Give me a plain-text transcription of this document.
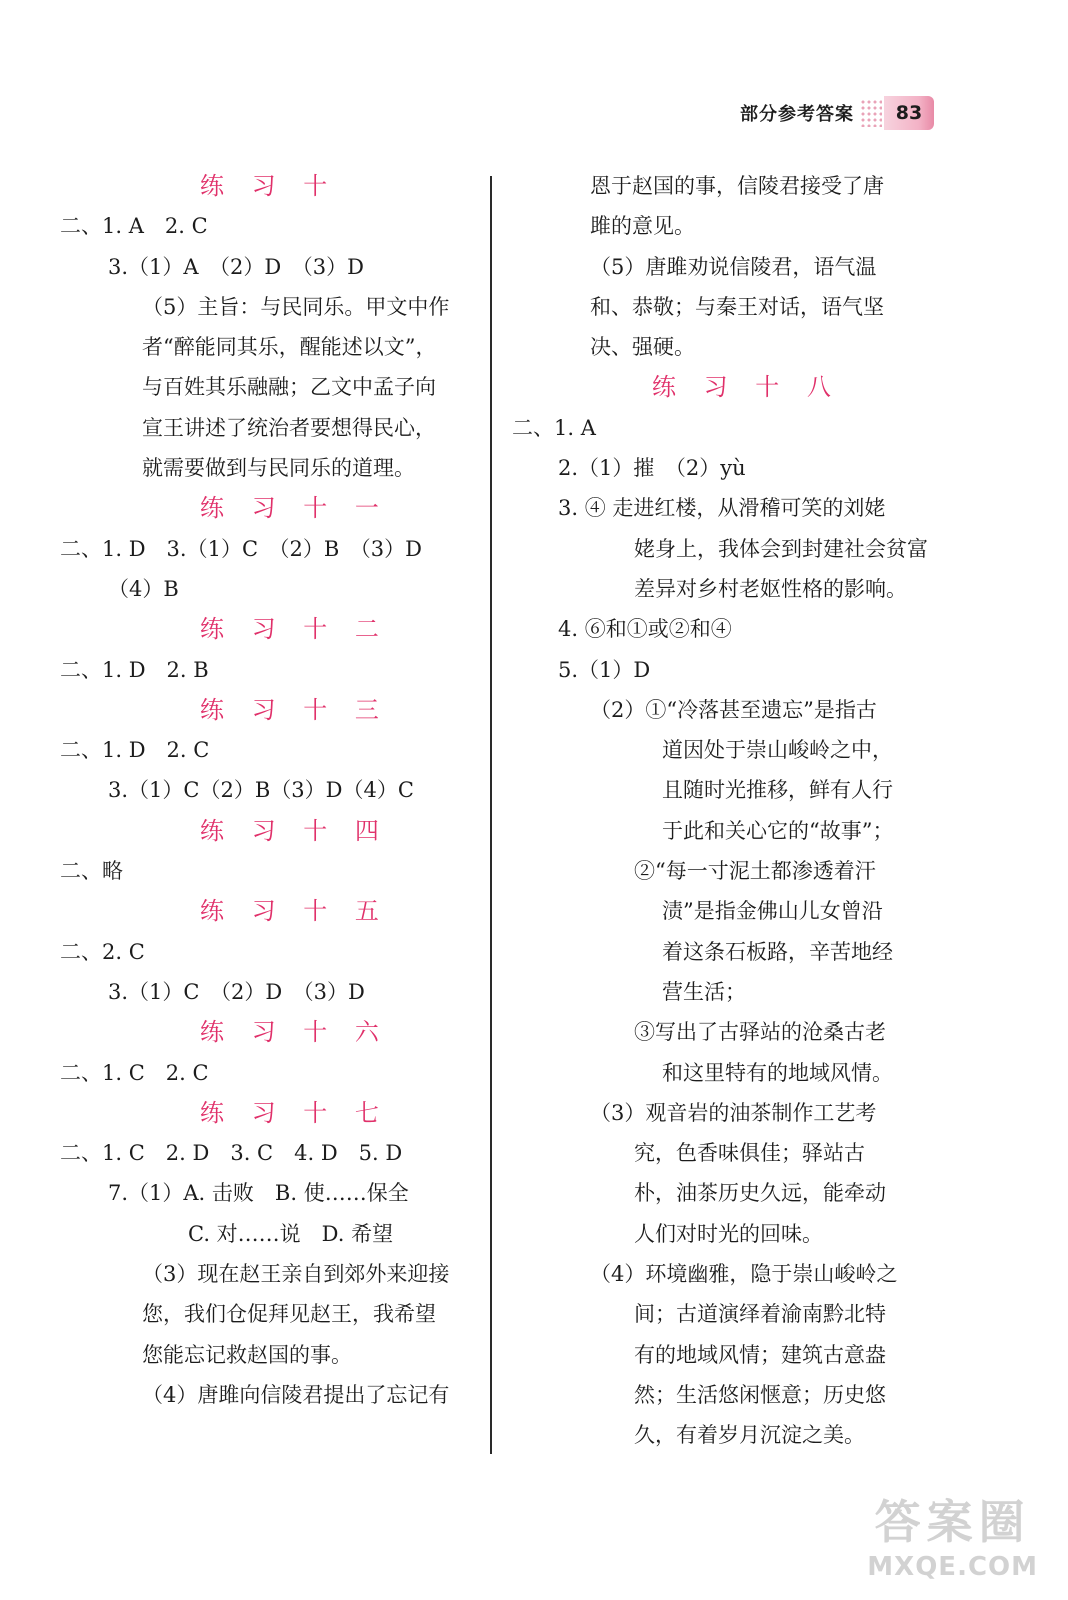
部分参考答案	83
练 习 十
二、1. A　2. C
3.（1）A　（2）D　（3）D
（5）主旨：与民同乐。甲文中作
者“醉能同其乐，醒能述以文”，
与百姓其乐融融；乙文中孟子向
宣王讲述了统治者要想得民心，
就需要做到与民同乐的道理。
练 习 十 一
二、1. D　3.（1）C　（2）B　（3）D
（4）B
练 习 十 二
二、1. D　2. B
练 习 十 三
二、1. D　2. C
3.（1）C（2）B（3）D（4）C
练 习 十 四
二、略
练 习 十 五
二、2. C
3.（1）C　（2）D　（3）D
练 习 十 六
二、1. C　2. C
练 习 十 七
二、1. C　2. D　3. C　4. D　5. D
7.（1）A. 击败　B. 使……保全
C. 对……说　D. 希望
（3）现在赵王亲自到郊外来迎接
您，我们仓促拜见赵王，我希望
您能忘记救赵国的事。
（4）唐雎向信陵君提出了忘记有
恩于赵国的事，信陵君接受了唐
雎的意见。
（5）唐雎劝说信陵君，语气温
和、恭敬；与秦王对话，语气坚
决、强硬。
练 习 十 八
二、1. A
2.（1）摧　（2）yù
3. ④ 走进红楼，从滑稽可笑的刘姥
姥身上，我体会到封建社会贫富
差异对乡村老妪性格的影响。
4. ⑥和①或②和④
5.（1）D
（2）①“冷落甚至遗忘”是指古
道因处于崇山峻岭之中，
且随时光推移，鲜有人行
于此和关心它的“故事”；
②“每一寸泥土都渗透着汗
渍”是指金佛山儿女曾沿
着这条石板路，辛苦地经
营生活；
③写出了古驿站的沧桑古老
和这里特有的地域风情。
（3）观音岩的油茶制作工艺考
究，色香味俱佳；驿站古
朴，油茶历史久远，能牵动
人们对时光的回味。
（4）环境幽雅，隐于崇山峻岭之
间；古道演绎着渝南黔北特
有的地域风情；建筑古意盎
然；生活悠闲惬意；历史悠
久，有着岁月沉淀之美。
答案圈
MXQE.COM
